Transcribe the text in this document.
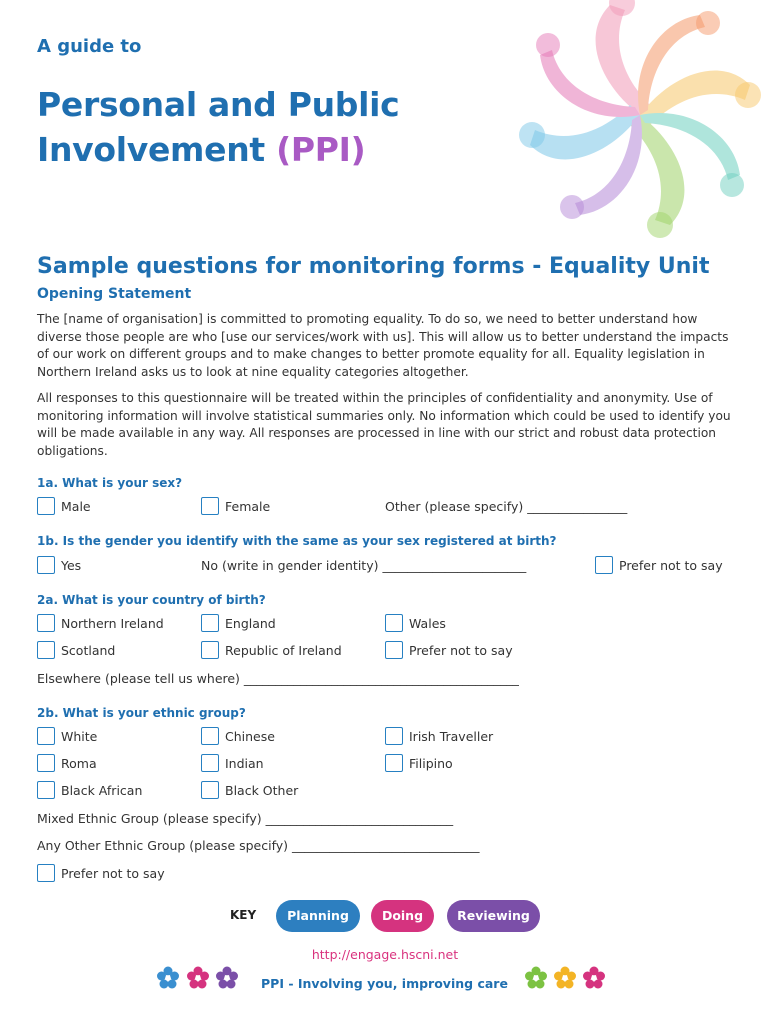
A guide to
Personal and Public
Involvement (PPI)
Sample questions for monitoring forms - Equality Unit
Opening Statement
The [name of organisation] is committed to promoting equality. To do so, we need to better understand how diverse those people are who [use our services/work with us]. This will allow us to better understand the impacts of our work on different groups and to make changes to better promote equality for all. Equality legislation in Northern Ireland asks us to look at nine equality categories altogether.
All responses to this questionnaire will be treated within the principles of confidentiality and anonymity. Use of monitoring information will involve statistical summaries only. No information which could be used to identify you will be made available in any way. All responses are processed in line with our strict and robust data protection obligations.
1a. What is your sex?
Male	Female	Other (please specify) ________________
1b. Is the gender you identify with the same as your sex registered at birth?
Yes	No (write in gender identity) _______________________	Prefer not to say
2a. What is your country of birth?
Northern Ireland	England	Wales
Scotland	Republic of Ireland	Prefer not to say
Elsewhere (please tell us where) ____________________________________________
2b. What is your ethnic group?
White	Chinese	Irish Traveller
Roma	Indian	Filipino
Black African	Black Other
Mixed Ethnic Group (please specify) ______________________________
Any Other Ethnic Group (please specify) ______________________________
Prefer not to say
KEY	Planning	Doing	Reviewing
http://engage.hscni.net
PPI - Involving you, improving care
